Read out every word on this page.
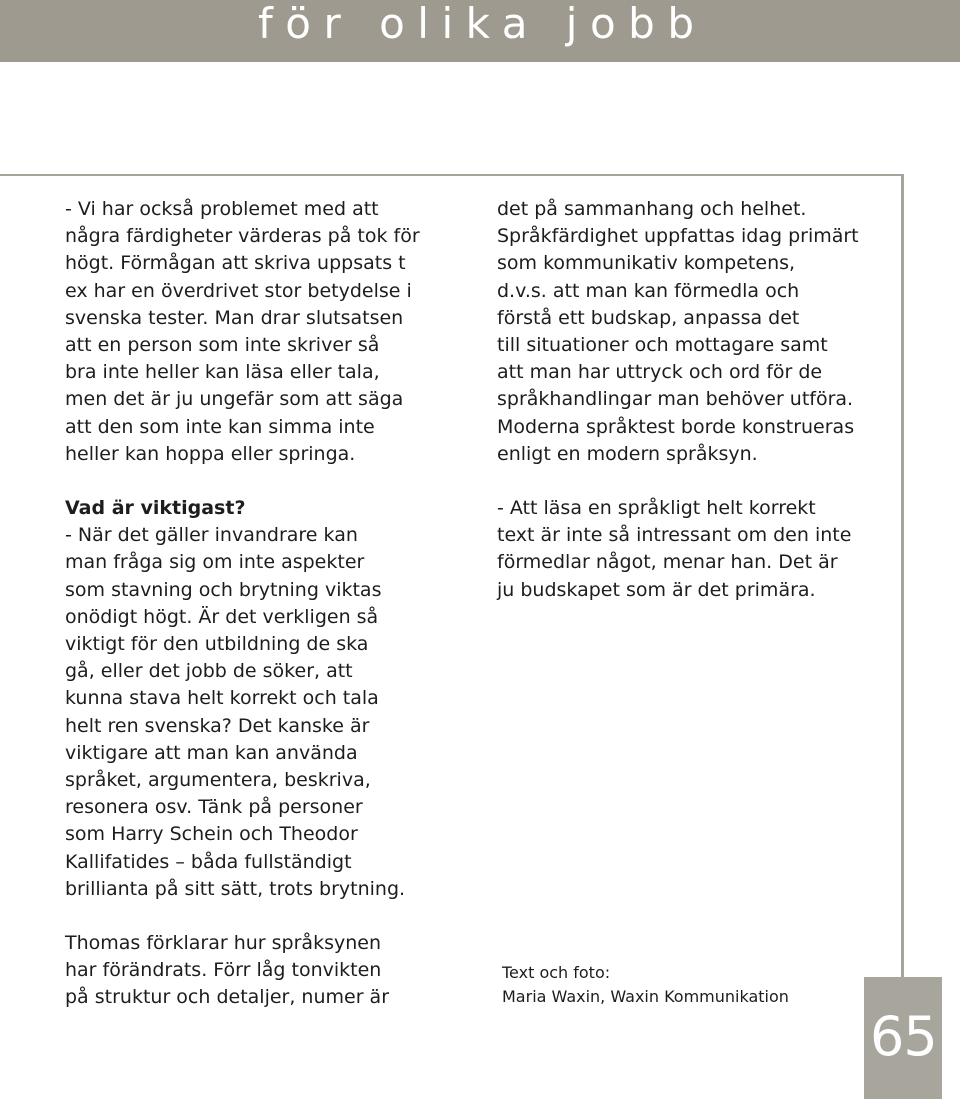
för olika jobb

- Vi har också problemet med att
några färdigheter värderas på tok för
högt. Förmågan att skriva uppsats t
ex har en överdrivet stor betydelse i
svenska tester. Man drar slutsatsen
att en person som inte skriver så
bra inte heller kan läsa eller tala,
men det är ju ungefär som att säga
att den som inte kan simma inte
heller kan hoppa eller springa.

Vad är viktigast?

- När det gäller invandrare kan
man fråga sig om inte aspekter
som stavning och brytning viktas
onödigt högt. Är det verkligen så
viktigt för den utbildning de ska
gå, eller det jobb de söker, att
kunna stava helt korrekt och tala
helt ren svenska? Det kanske är
viktigare att man kan använda
språket, argumentera, beskriva,
resonera osv. Tänk på personer
som Harry Schein och Theodor
Kallifatides – båda fullständigt
brillianta på sitt sätt, trots brytning.

Thomas förklarar hur språksynen
har förändrats. Förr låg tonvikten
på struktur och detaljer, numer är

det på sammanhang och helhet.
Språkfärdighet uppfattas idag primärt
som kommunikativ kompetens,
d.v.s. att man kan förmedla och
förstå ett budskap, anpassa det
till situationer och mottagare samt
att man har uttryck och ord för de
språkhandlingar man behöver utföra.
Moderna språktest borde konstrueras
enligt en modern språksyn.

- Att läsa en språkligt helt korrekt
text är inte så intressant om den inte
förmedlar något, menar han. Det är
ju budskapet som är det primära.

Text och foto:
Maria Waxin, Waxin Kommunikation
65
